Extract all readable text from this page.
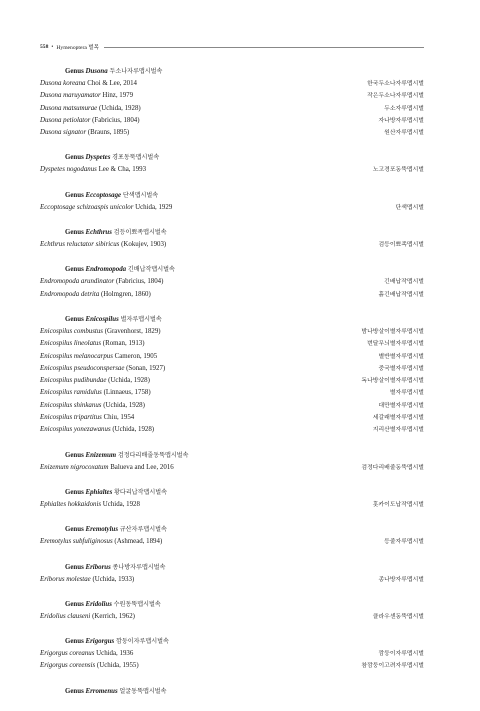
558 • Hymenoptera 벌목
Genus Dusona 두소나자루맵시벌속
Dusona koreana Choi & Lee, 2014	한국두소나자루맵시벌
Dusona maruyamator Hinz, 1979	작은두소나자루맵시벌
Dusona matsumurae (Uchida, 1928)	두소자루맵시벌
Dusona petiolator (Fabricius, 1804)	자나방자루맵시벌
Dusona signator (Brauns, 1895)	원산자루맵시벌
Genus Dyspetes 경포동뚝맵시벌속
Dyspetes nogodanus Lee & Cha, 1993	노고경포동뚝맵시벌
Genus Eccoptosage 단색맵시벌속
Eccoptosage schizoaspis unicolor Uchida, 1929	단색맵시벌
Genus Echthrus 검등이뾰족맵시벌속
Echthrus reluctator sibiricus (Kokujev, 1903)	검등이뾰족맵시벌
Genus Endromopoda 긴배납작맵시벌속
Endromopoda arundinator (Fabricius, 1804)	긴배납작맵시벌
Endromopoda detrita (Holmgren, 1860)	흙긴배납작맵시벌
Genus Enicospilus 별자루맵시벌속
Enicospilus combustus (Gravenhorst, 1829)	밤나방살이별자루맵시벌
Enicospilus lineolatus (Roman, 1913)	번달무늬별자루맵시벌
Enicospilus melanocarpus Cameron, 1905	별반별자루맵시벌
Enicospilus pseudoconspersae (Sonan, 1927)	중국별자루맵시벌
Enicospilus pudibundae (Uchida, 1928)	독나방살이별자루맵시벌
Enicospilus ramidulus (Linnaeus, 1758)	별자루맵시벌
Enicospilus shinkanus (Uchida, 1928)	대만별자루맵시벌
Enicospilus tripartitus Chiu, 1954	세갈래별자루맵시벌
Enicospilus yonezawanus (Uchida, 1928)	지리산별자루맵시벌
Genus Enizemum 검정다리배줄동뚝맵시벌속
Enizemum nigrocoxatum Balueva and Lee, 2016	검정다리배줄동뚝맵시벌
Genus Ephialtes 황다리납작맵시벌속
Ephialtes hokkaidonis Uchida, 1928	홋카이도납작맵시벌
Genus Eremotylus 규산자루맵시벌속
Eremotylus subfuliginosus (Ashmead, 1894)	등줄자루맵시벌
Genus Eriborus 종나방자루맵시벌속
Eriborus molestae (Uchida, 1933)	종나방자루맵시벌
Genus Eridolius 수원동뚝맵시벌속
Eridolius clauseni (Kerrich, 1962)	클라우센동뚝맵시벌
Genus Erigorgus 깜둥이자루맵시벌속
Erigorgus coreanus Uchida, 1936	깜둥이자루맵시벌
Erigorgus coreensis (Uchida, 1955)	참깜둥이고려자루맵시벌
Genus Erromenus 얼굴동뚝맵시벌속
